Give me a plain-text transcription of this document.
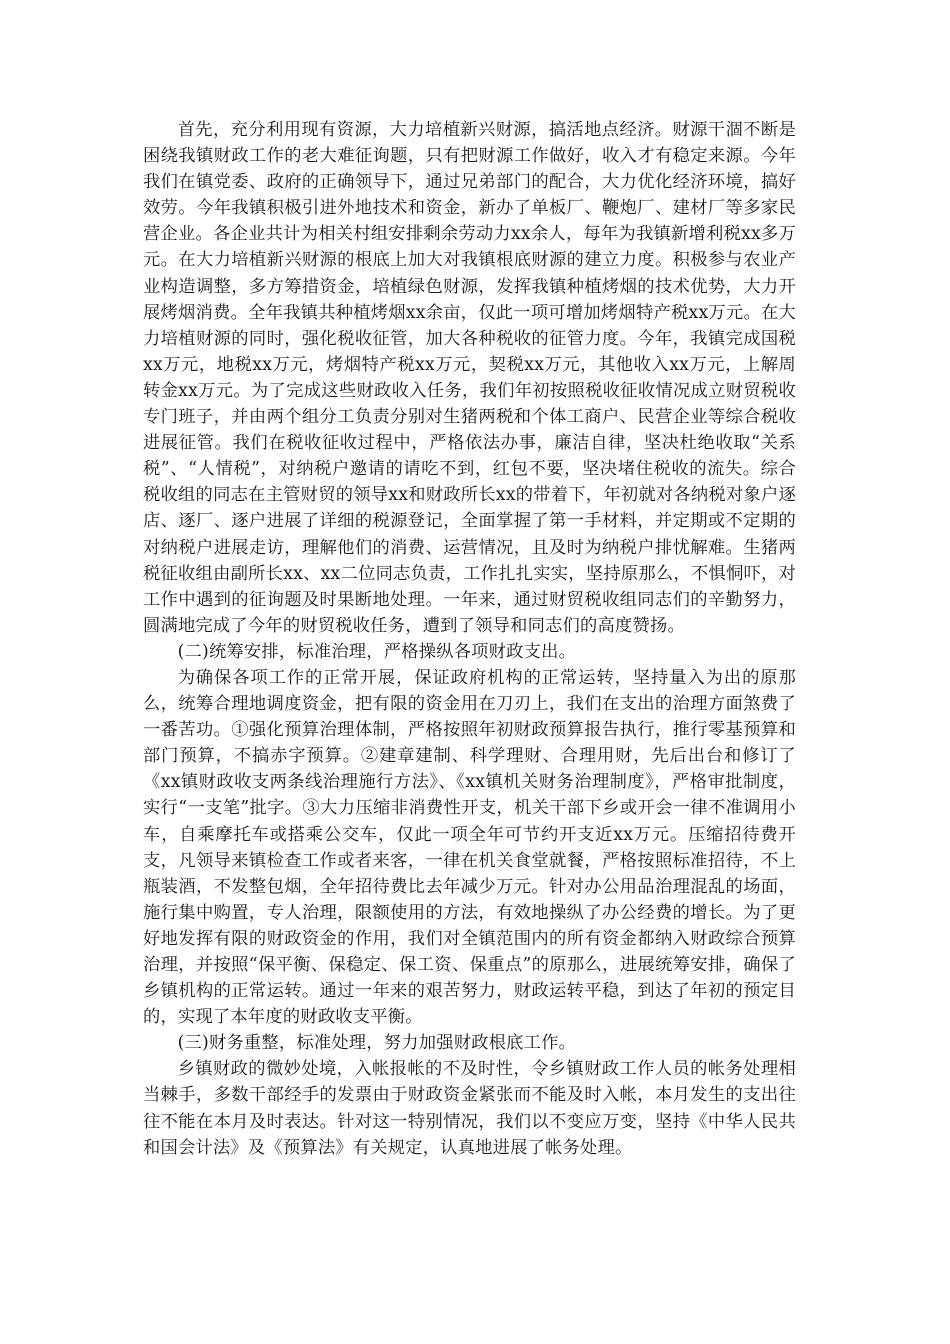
首先，充分利用现有资源，大力培植新兴财源，搞活地点经济。财源干涸不断是困绕我镇财政工作的老大难征询题，只有把财源工作做好，收入才有稳定来源。今年我们在镇党委、政府的正确领导下，通过兄弟部门的配合，大力优化经济环境，搞好效劳。今年我镇积极引进外地技术和资金，新办了单板厂、鞭炮厂、建材厂等多家民营企业。各企业共计为相关村组安排剩余劳动力xx余人，每年为我镇新增利税xx多万元。在大力培植新兴财源的根底上加大对我镇根底财源的建立力度。积极参与农业产业构造调整，多方筹措资金，培植绿色财源，发挥我镇种植烤烟的技术优势，大力开展烤烟消费。全年我镇共种植烤烟xx余亩，仅此一项可增加烤烟特产税xx万元。在大力培植财源的同时，强化税收征管，加大各种税收的征管力度。今年，我镇完成国税xx万元，地税xx万元，烤烟特产税xx万元，契税xx万元，其他收入xx万元，上解周转金xx万元。为了完成这些财政收入任务，我们年初按照税收征收情况成立财贸税收专门班子，并由两个组分工负责分别对生猪两税和个体工商户、民营企业等综合税收进展征管。我们在税收征收过程中，严格依法办事，廉洁自律，坚决杜绝收取“关系税”、“人情税”，对纳税户邀请的请吃不到，红包不要，坚决堵住税收的流失。综合税收组的同志在主管财贸的领导xx和财政所长xx的带着下，年初就对各纳税对象户逐店、逐厂、逐户进展了详细的税源登记，全面掌握了第一手材料，并定期或不定期的对纳税户进展走访，理解他们的消费、运营情况，且及时为纳税户排忧解难。生猪两税征收组由副所长xx、xx二位同志负责，工作扎扎实实，坚持原那么，不惧恫吓，对工作中遇到的征询题及时果断地处理。一年来，通过财贸税收组同志们的辛勤努力，圆满地完成了今年的财贸税收任务，遭到了领导和同志们的高度赞扬。

(二)统筹安排，标准治理，严格操纵各项财政支出。

为确保各项工作的正常开展，保证政府机构的正常运转，坚持量入为出的原那么，统筹合理地调度资金，把有限的资金用在刀刃上，我们在支出的治理方面煞费了一番苦功。①强化预算治理体制，严格按照年初财政预算报告执行，推行零基预算和部门预算，不搞赤字预算。②建章建制、科学理财、合理用财，先后出台和修订了《xx镇财政收支两条线治理施行方法》、《xx镇机关财务治理制度》，严格审批制度，实行“一支笔”批字。③大力压缩非消费性开支，机关干部下乡或开会一律不准调用小车，自乘摩托车或搭乘公交车，仅此一项全年可节约开支近xx万元。压缩招待费开支，凡领导来镇检查工作或者来客，一律在机关食堂就餐，严格按照标准招待，不上瓶装酒，不发整包烟，全年招待费比去年减少万元。针对办公用品治理混乱的场面，施行集中购置，专人治理，限额使用的方法，有效地操纵了办公经费的增长。为了更好地发挥有限的财政资金的作用，我们对全镇范围内的所有资金都纳入财政综合预算治理，并按照“保平衡、保稳定、保工资、保重点”的原那么，进展统筹安排，确保了乡镇机构的正常运转。通过一年来的艰苦努力，财政运转平稳，到达了年初的预定目的，实现了本年度的财政收支平衡。

(三)财务重整，标准处理，努力加强财政根底工作。

乡镇财政的微妙处境，入帐报帐的不及时性，令乡镇财政工作人员的帐务处理相当棘手，多数干部经手的发票由于财政资金紧张而不能及时入帐，本月发生的支出往往不能在本月及时表达。针对这一特别情况，我们以不变应万变，坚持《中华人民共和国会计法》及《预算法》有关规定，认真地进展了帐务处理。
